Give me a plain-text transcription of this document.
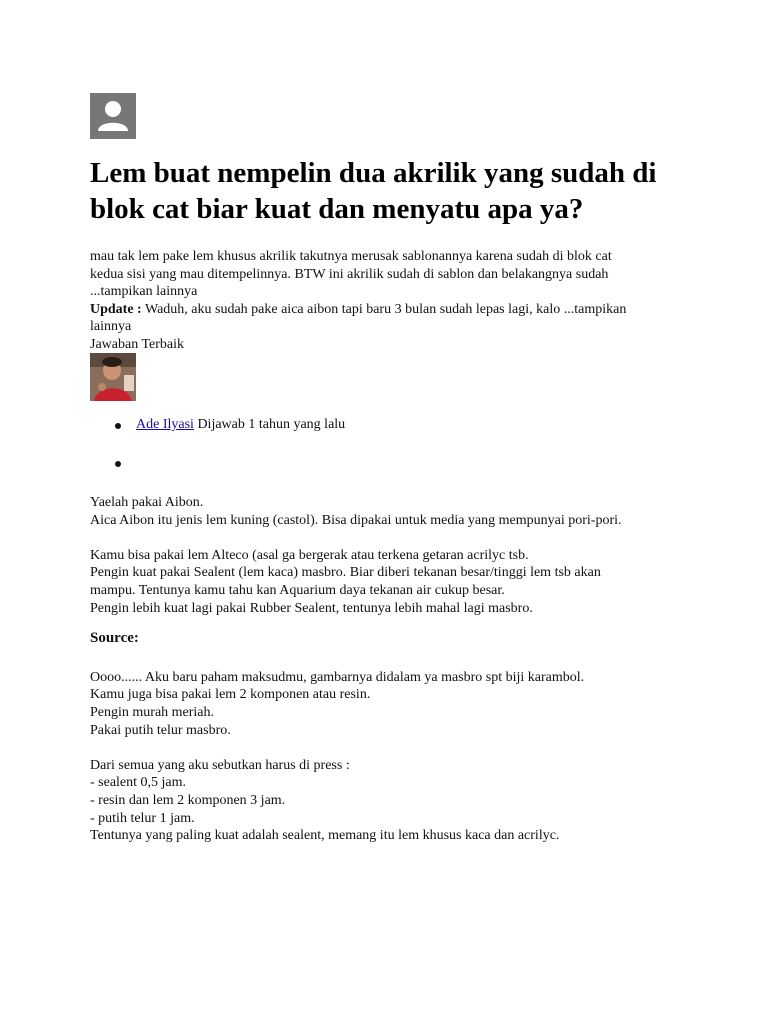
Lem buat nempelin dua akrilik yang sudah di blok cat biar kuat dan menyatu apa ya?
mau tak lem pake lem khusus akrilik takutnya merusak sablonannya karena sudah di blok cat
kedua sisi yang mau ditempelinnya. BTW ini akrilik sudah di sablon dan belakangnya sudah
...tampikan lainnya
Update : Waduh, aku sudah pake aica aibon tapi baru 3 bulan sudah lepas lagi, kalo ...tampikan
lainnya
Jawaban Terbaik
Ade Ilyasi Dijawab 1 tahun yang lalu

Yaelah pakai Aibon.

Aica Aibon itu jenis lem kuning (castol). Bisa dipakai untuk media yang mempunyai pori-pori.

Kamu bisa pakai lem Alteco (asal ga bergerak atau terkena getaran acrilyc tsb.

Pengin kuat pakai Sealent (lem kaca) masbro. Biar diberi tekanan besar/tinggi lem tsb akan

mampu. Tentunya kamu tahu kan Aquarium daya tekanan air cukup besar.

Pengin lebih kuat lagi pakai Rubber Sealent, tentunya lebih mahal lagi masbro.

Source:

Oooo...... Aku baru paham maksudmu, gambarnya didalam ya masbro spt biji karambol.

Kamu juga bisa pakai lem 2 komponen atau resin.

Pengin murah meriah.

Pakai putih telur masbro.

Dari semua yang aku sebutkan harus di press :

- sealent 0,5 jam.

- resin dan lem 2 komponen 3 jam.

- putih telur 1 jam.

Tentunya yang paling kuat adalah sealent, memang itu lem khusus kaca dan acrilyc.
